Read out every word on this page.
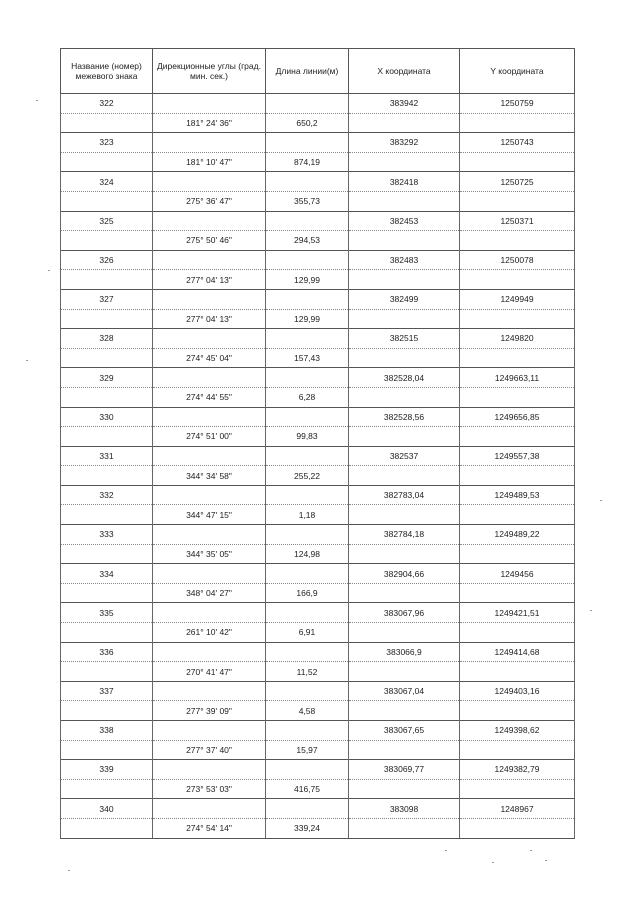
Название (номер) межевого знака	Дирекционные углы (град. мин. сек.)	Длина линии(м)	X координата	Y координата
322			383942	1250759
	181° 24' 36"	650,2		
323			383292	1250743
	181° 10' 47"	874,19		
324			382418	1250725
	275° 36' 47"	355,73		
325			382453	1250371
	275° 50' 46"	294,53		
326			382483	1250078
	277° 04' 13"	129,99		
327			382499	1249949
	277° 04' 13"	129,99		
328			382515	1249820
	274° 45' 04"	157,43		
329			382528,04	1249663,11
	274° 44' 55"	6,28		
330			382528,56	1249656,85
	274° 51' 00"	99,83		
331			382537	1249557,38
	344° 34' 58"	255,22		
332			382783,04	1249489,53
	344° 47' 15"	1,18		
333			382784,18	1249489,22
	344° 35' 05"	124,98		
334			382904,66	1249456
	348° 04' 27"	166,9		
335			383067,96	1249421,51
	261° 10' 42"	6,91		
336			383066,9	1249414,68
	270° 41' 47"	11,52		
337			383067,04	1249403,16
	277° 39' 09"	4,58		
338			383067,65	1249398,62
	277° 37' 40"	15,97		
339			383069,77	1249382,79
	273° 53' 03"	416,75		
340			383098	1248967
	274° 54' 14"	339,24		
